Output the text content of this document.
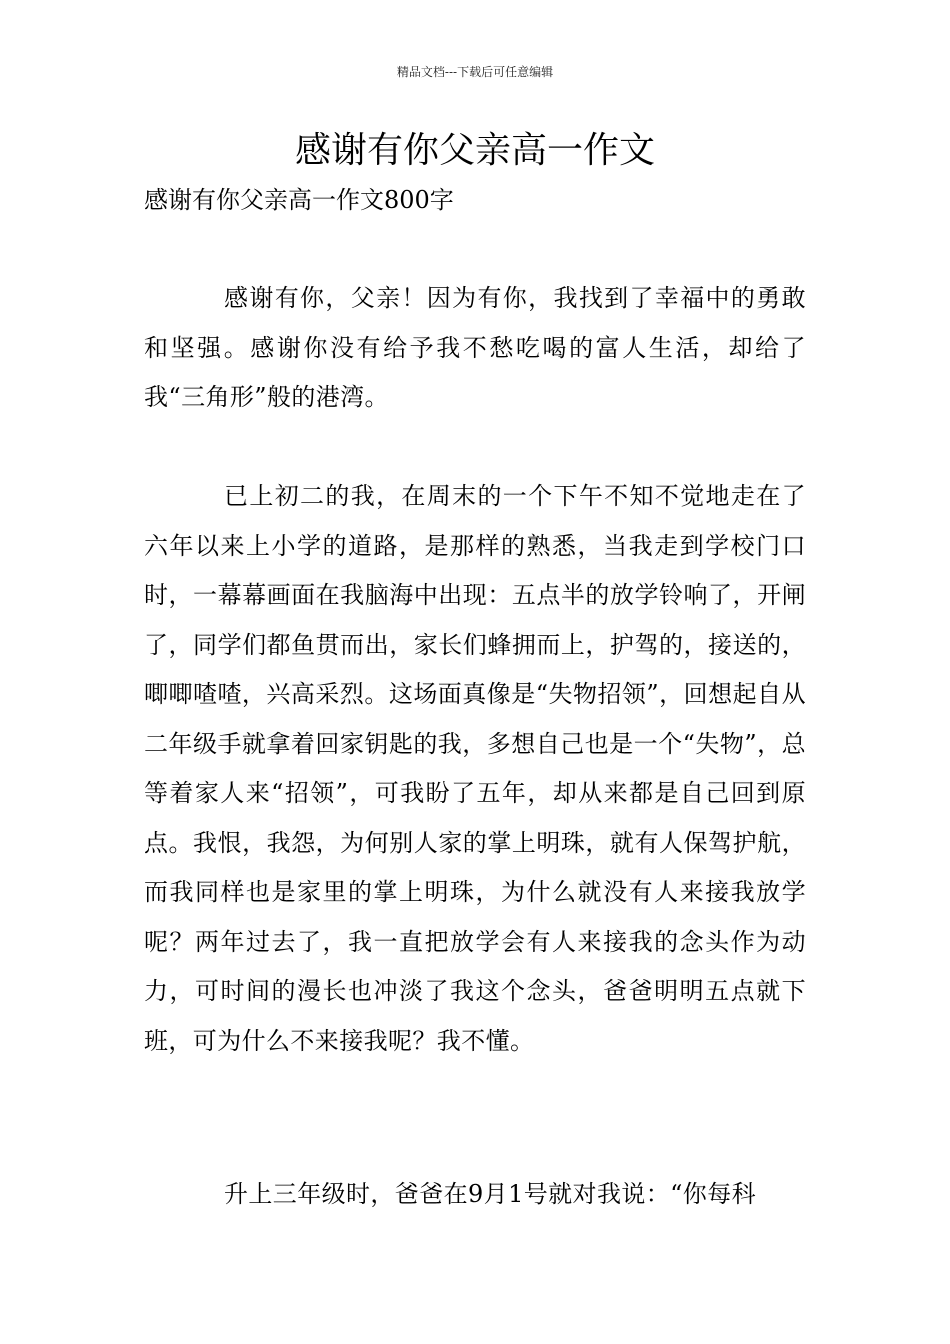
精品文档---下载后可任意编辑
感谢有你父亲高一作文

感谢有你父亲高一作文800字

感谢有你，父亲！因为有你，我找到了幸福中的勇敢和坚强。感谢你没有给予我不愁吃喝的富人生活，却给了我“三角形”般的港湾。

已上初二的我，在周末的一个下午不知不觉地走在了六年以来上小学的道路，是那样的熟悉，当我走到学校门口时，一幕幕画面在我脑海中出现：五点半的放学铃响了，开闸了，同学们都鱼贯而出，家长们蜂拥而上，护驾的，接送的，唧唧喳喳，兴高采烈。这场面真像是“失物招领”，回想起自从二年级手就拿着回家钥匙的我，多想自己也是一个“失物”，总等着家人来“招领”，可我盼了五年，却从来都是自己回到原点。我恨，我怨，为何别人家的掌上明珠，就有人保驾护航，而我同样也是家里的掌上明珠，为什么就没有人来接我放学呢？两年过去了，我一直把放学会有人来接我的念头作为动力，可时间的漫长也冲淡了我这个念头，爸爸明明五点就下班，可为什么不来接我呢？我不懂。

升上三年级时，爸爸在9月1号就对我说：“你每科
